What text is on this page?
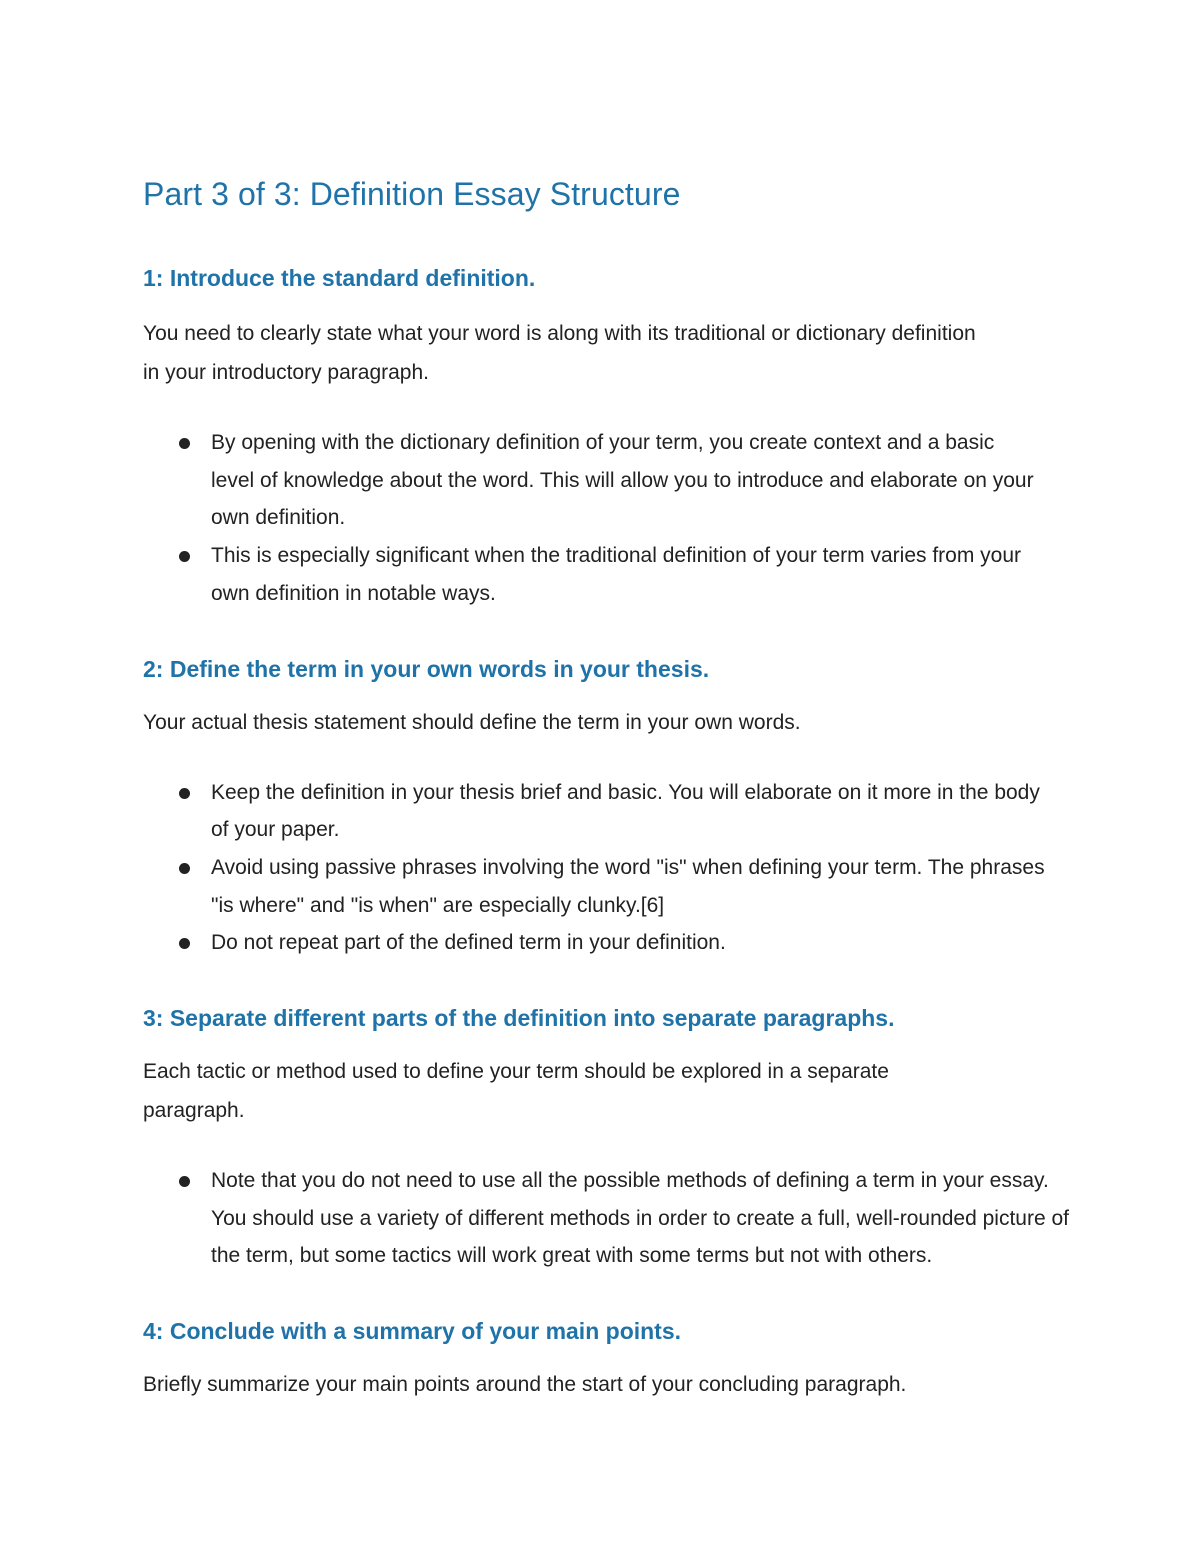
Part 3 of 3: Definition Essay Structure
1: Introduce the standard definition.

You need to clearly state what your word is along with its traditional or dictionary definition in your introductory paragraph.

By opening with the dictionary definition of your term, you create context and a basic level of knowledge about the word. This will allow you to introduce and elaborate on your own definition.
This is especially significant when the traditional definition of your term varies from your own definition in notable ways.
2: Define the term in your own words in your thesis.

Your actual thesis statement should define the term in your own words.

Keep the definition in your thesis brief and basic. You will elaborate on it more in the body of your paper.
Avoid using passive phrases involving the word "is" when defining your term. The phrases "is where" and "is when" are especially clunky.[6]
Do not repeat part of the defined term in your definition.
3: Separate different parts of the definition into separate paragraphs.

Each tactic or method used to define your term should be explored in a separate paragraph.

Note that you do not need to use all the possible methods of defining a term in your essay. You should use a variety of different methods in order to create a full, well-rounded picture of the term, but some tactics will work great with some terms but not with others.
4: Conclude with a summary of your main points.

Briefly summarize your main points around the start of your concluding paragraph.
